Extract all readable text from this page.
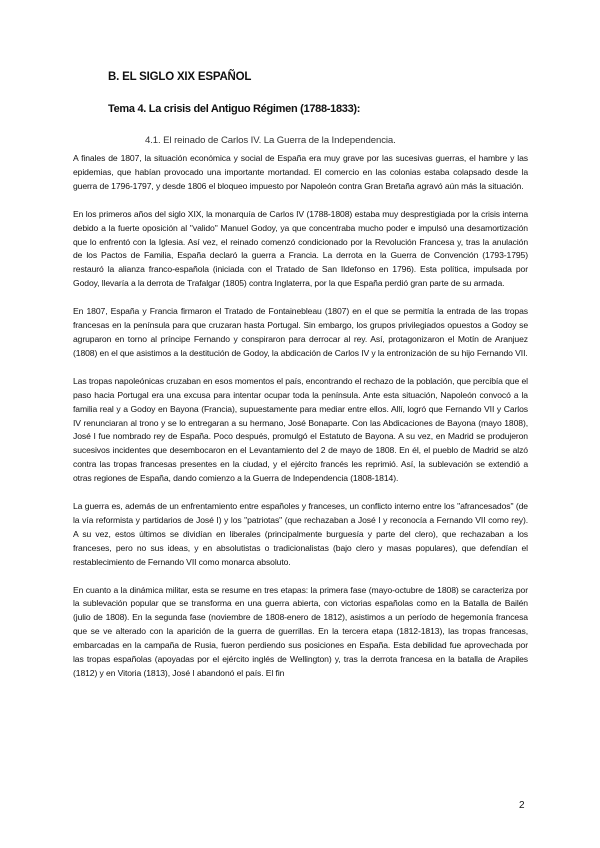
B. EL SIGLO XIX ESPAÑOL
Tema 4. La crisis del Antiguo Régimen (1788-1833):
4.1. El reinado de Carlos IV. La Guerra de la Independencia.

A finales de 1807, la situación económica y social de España era muy grave por las sucesivas guerras, el hambre y las epidemias, que habían provocado una importante mortandad. El comercio en las colonias estaba colapsado desde la guerra de 1796-1797, y desde 1806 el bloqueo impuesto por Napoleón contra Gran Bretaña agravó aún más la situación.

En los primeros años del siglo XIX, la monarquía de Carlos IV (1788-1808) estaba muy desprestigiada por la crisis interna debido a la fuerte oposición al "valido" Manuel Godoy, ya que concentraba mucho poder e impulsó una desamortización que lo enfrentó con la Iglesia. Así vez, el reinado comenzó condicionado por la Revolución Francesa y, tras la anulación de los Pactos de Familia, España declaró la guerra a Francia. La derrota en la Guerra de Convención (1793-1795) restauró la alianza franco-española (iniciada con el Tratado de San Ildefonso en 1796). Esta política, impulsada por Godoy, llevaría a la derrota de Trafalgar (1805) contra Inglaterra, por la que España perdió gran parte de su armada.

En 1807, España y Francia firmaron el Tratado de Fontainebleau (1807) en el que se permitía la entrada de las tropas francesas en la península para que cruzaran hasta Portugal. Sin embargo, los grupos privilegiados opuestos a Godoy se agruparon en torno al príncipe Fernando y conspiraron para derrocar al rey. Así, protagonizaron el Motín de Aranjuez (1808) en el que asistimos a la destitución de Godoy, la abdicación de Carlos IV y la entronización de su hijo Fernando VII.

Las tropas napoleónicas cruzaban en esos momentos el país, encontrando el rechazo de la población, que percibía que el paso hacia Portugal era una excusa para intentar ocupar toda la península. Ante esta situación, Napoleón convocó a la familia real y a Godoy en Bayona (Francia), supuestamente para mediar entre ellos. Allí, logró que Fernando VII y Carlos IV renunciaran al trono y se lo entregaran a su hermano, José Bonaparte. Con las Abdicaciones de Bayona (mayo 1808), José I fue nombrado rey de España. Poco después, promulgó el Estatuto de Bayona. A su vez, en Madrid se produjeron sucesivos incidentes que desembocaron en el Levantamiento del 2 de mayo de 1808. En él, el pueblo de Madrid se alzó contra las tropas francesas presentes en la ciudad, y el ejército francés les reprimió. Así, la sublevación se extendió a otras regiones de España, dando comienzo a la Guerra de Independencia (1808-1814).

La guerra es, además de un enfrentamiento entre españoles y franceses, un conflicto interno entre los "afrancesados" (de la vía reformista y partidarios de José I) y los "patriotas" (que rechazaban a José I y reconocía a Fernando VII como rey). A su vez, estos últimos se dividían en liberales (principalmente burguesía y parte del clero), que rechazaban a los franceses, pero no sus ideas, y en absolutistas o tradicionalistas (bajo clero y masas populares), que defendían el restablecimiento de Fernando VII como monarca absoluto.

En cuanto a la dinámica militar, esta se resume en tres etapas: la primera fase (mayo-octubre de 1808) se caracteriza por la sublevación popular que se transforma en una guerra abierta, con victorias españolas como en la Batalla de Bailén (julio de 1808). En la segunda fase (noviembre de 1808-enero de 1812), asistimos a un período de hegemonía francesa que se ve alterado con la aparición de la guerra de guerrillas. En la tercera etapa (1812-1813), las tropas francesas, embarcadas en la campaña de Rusia, fueron perdiendo sus posiciones en España. Esta debilidad fue aprovechada por las tropas españolas (apoyadas por el ejército inglés de Wellington) y, tras la derrota francesa en la batalla de Arapiles (1812) y en Vitoria (1813), José I abandonó el país. El fin

2
